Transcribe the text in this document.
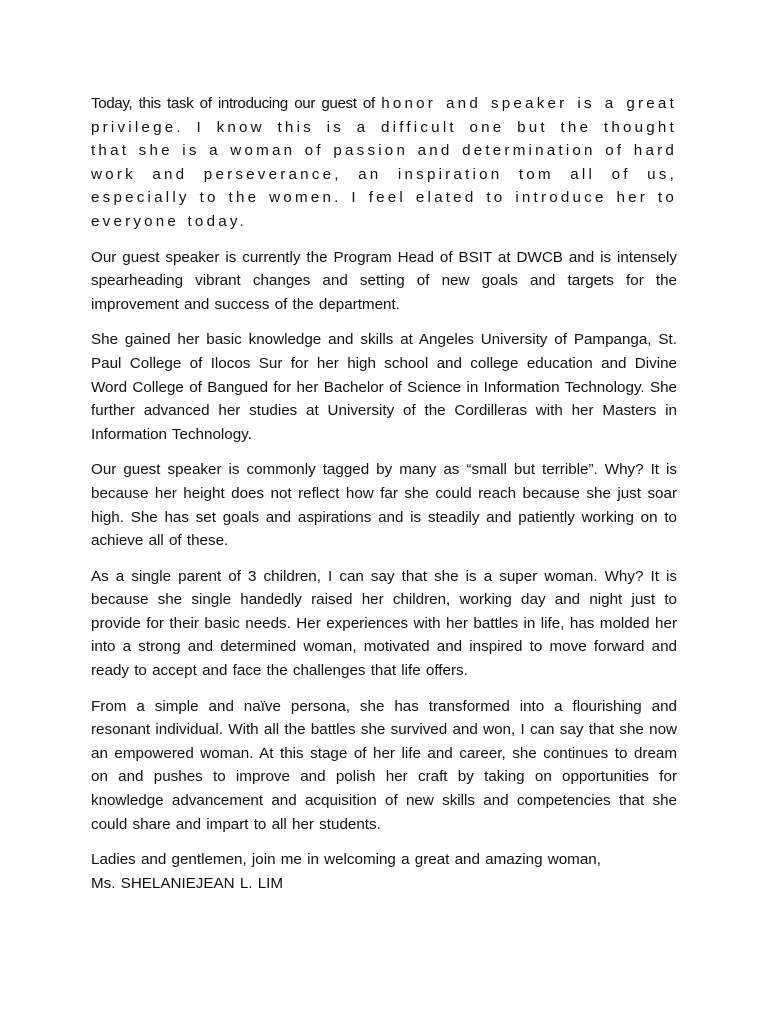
Today, this task of introducing our guest of honor and speaker is a great privilege. I know this is a difficult one but the thought that she is a woman of passion and determination of hard work and perseverance, an inspiration tom all of us, especially to the women. I feel elated to introduce her to everyone today.

Our guest speaker is currently the Program Head of BSIT at DWCB and is intensely spearheading vibrant changes and setting of new goals and targets for the improvement and success of the department.

She gained her basic knowledge and skills at Angeles University of Pampanga, St. Paul College of Ilocos Sur for her high school and college education and Divine Word College of Bangued for her Bachelor of Science in Information Technology. She further advanced her studies at University of the Cordilleras with her Masters in Information Technology.

Our guest speaker is commonly tagged by many as “small but terrible”. Why? It is because her height does not reflect how far she could reach because she just soar high. She has set goals and aspirations and is steadily and patiently working on to achieve all of these.

As a single parent of 3 children, I can say that she is a super woman. Why? It is because she single handedly raised her children, working day and night just to provide for their basic needs. Her experiences with her battles in life, has molded her into a strong and determined woman, motivated and inspired to move forward and ready to accept and face the challenges that life offers.

From a simple and naïve persona, she has transformed into a flourishing and resonant individual. With all the battles she survived and won, I can say that she now an empowered woman. At this stage of her life and career, she continues to dream on and pushes to improve and polish her craft by taking on opportunities for knowledge advancement and acquisition of new skills and competencies that she could share and impart to all her students.

Ladies and gentlemen, join me in welcoming a great and amazing woman,
Ms. SHELANIEJEAN L. LIM
